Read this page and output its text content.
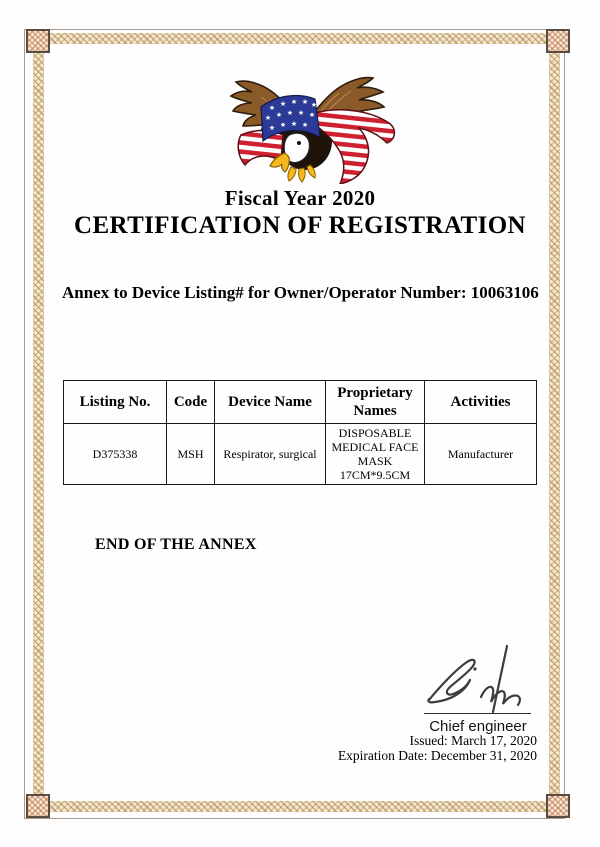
★ ★ ★ ★ ★
★ ★ ★ ★ ★
★ ★ ★ ★
Fiscal Year 2020
CERTIFICATION OF REGISTRATION
Annex to Device Listing# for Owner/Operator Number: 10063106
Listing No.	Code	Device Name	Proprietary Names	Activities
D375338	MSH	Respirator, surgical	DISPOSABLE MEDICAL FACE MASK 17CM*9.5CM	Manufacturer
END OF THE ANNEX
Chief engineer
Issued: March 17, 2020
Expiration Date: December 31, 2020
